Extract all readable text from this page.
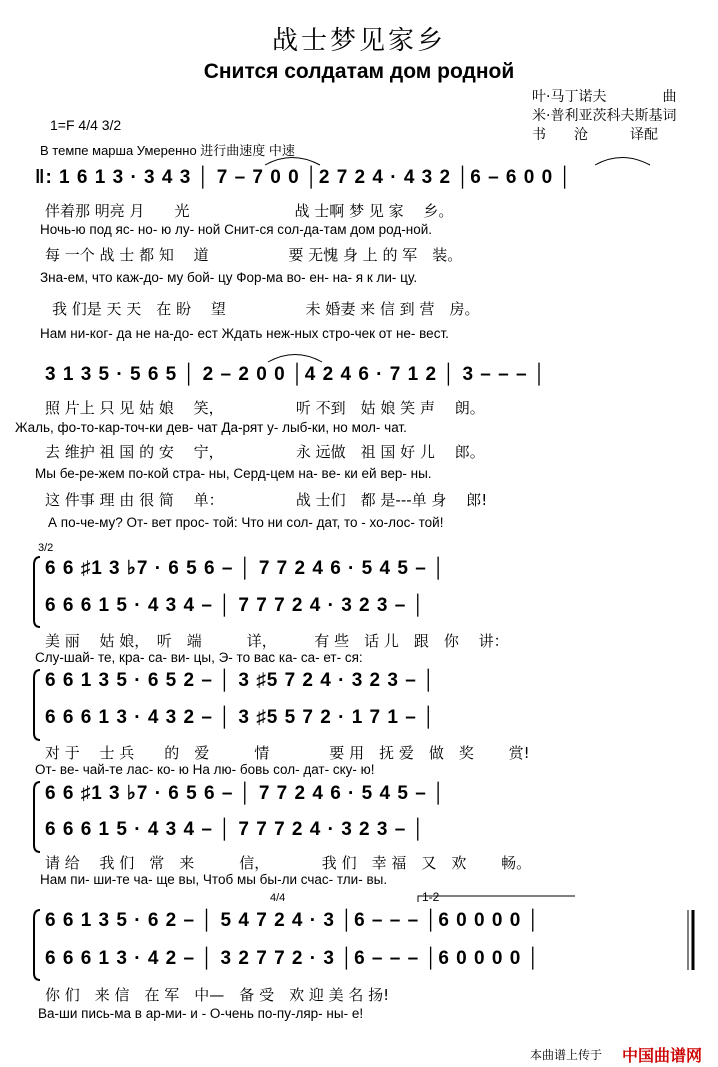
战士梦见家乡
Снится солдатам дом родной
叶·马丁诺夫　　　　曲
米·普利亚茨科夫斯基词
书　　沧　　　译配
1=F 4/4 3/2
В темпе марша Умеренно 进行曲速度 中速
‖: 1 6 1 3 · 3 4 3 │ 7 – 7 0 0 │2 7 2 4 · 4 3 2 │6 – 6 0 0 │
伴着那 明亮 月　　光　　　　　　　战 士啊 梦 见 家　 乡。
Ночь-ю под яс- но- ю лу- ной Снит-ся сол-да-там дом род-ной.
每 一个 战 士 都 知　 道　　　　　 要 无愧 身 上 的 军　装。
Зна-ем, что каж-до- му бой- цу Фор-ма во- ен- на- я к ли- цу.
我 们是 天 天　在 盼　 望　　　　　 未 婚妻 来 信 到 营　房。
Нам ни-ког- да не на-до- ест Ждать неж-ных стро-чек от не- вест.
3 1 3 5 · 5 6 5 │ 2 – 2 0 0 │4 2 4 6 · 7 1 2 │ 3 – – – │
照 片上 只 见 姑 娘　 笑，　　　　　 听 不到　姑 娘 笑 声　 朗。
Жаль, фо-то-кар-точ-ки дев- чат Да-рят у- лыб-ки, но мол- чат.
去 维护 祖 国 的 安　 宁，　　　　　 永 远做　祖 国 好 儿　 郎。
Мы бе-ре-жем по-кой стра- ны, Серд-цем на- ве- ки ей вер- ны.
这 件事 理 由 很 简　 单：　　　　　 战 士们　都 是---单 身　 郎!
А по-че-му? От- вет прос- той: Что ни сол- дат, то - хо-лос- той!
3/2
6 6 ♯1 3 ♭7 · 6 5 6 – │ 7 7 2 4 6 · 5 4 5 – │
6 6 6 1 5 · 4 3 4 – │ 7 7 7 2 4 · 3 2 3 – │
美 丽　 姑 娘，　听　端　　　详，　　　有 些　话 儿　跟　你　 讲：
Слу-шай- те, кра- са- ви- цы, Э- то вас ка- са- ет- ся:
6 6 1 3 5 · 6 5 2 – │ 3 ♯5 7 2 4 · 3 2 3 – │
6 6 6 1 3 · 4 3 2 – │ 3 ♯5 5 7 2 · 1 7 1 – │
对 于　 士 兵　　的　爱　　　情　　　　要 用　抚 爱　做　奖　　 赏!
От- ве- чай-те лас- ко- ю На лю- бовь сол- дат- ску- ю!
6 6 ♯1 3 ♭7 · 6 5 6 – │ 7 7 2 4 6 · 5 4 5 – │
6 6 6 1 5 · 4 3 4 – │ 7 7 7 2 4 · 3 2 3 – │
请 给　 我 们　常　来　　　信，　　　　我 们　幸 福　又　欢　　 畅。
Нам пи- ши-те ча- ще вы, Чтоб мы бы-ли счас- тли- вы.
4/4	1-2
6 6 1 3 5 · 6 2 – │ 5 4 7 2 4 · 3 │6 – – – │6 0 0 0 0 │
6 6 6 1 3 · 4 2 – │ 3 2 7 7 2 · 3 │6 – – – │6 0 0 0 0 │
你 们　来 信　在 军　中—　备 受　欢 迎 美 名 扬!
Ва-ши пись-ма в ар-ми- и - О-чень по-пу-ляр- ны- е!
本曲谱上传于 中国曲谱网
